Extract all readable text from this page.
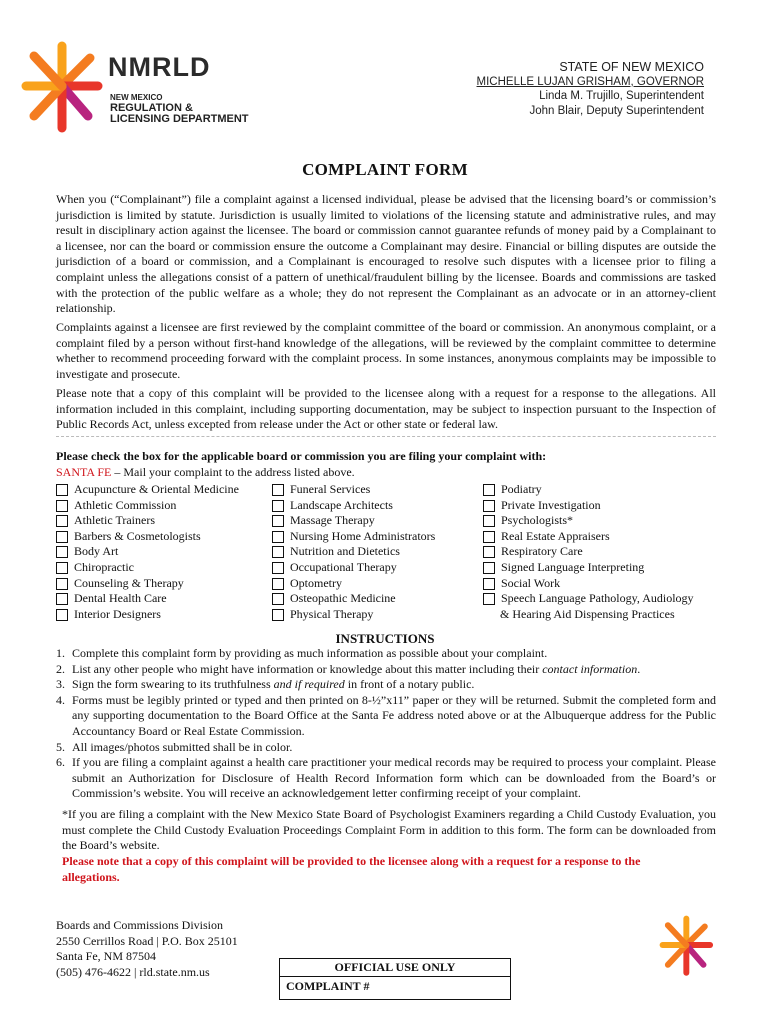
NMRLD
NEW MEXICO
REGULATION &
LICENSING DEPARTMENT
STATE OF NEW MEXICO
MICHELLE LUJAN GRISHAM, GOVERNOR
Linda M. Trujillo, Superintendent
John Blair, Deputy Superintendent
COMPLAINT FORM
When you (“Complainant”) file a complaint against a licensed individual, please be advised that the licensing board’s or commission’s jurisdiction is limited by statute. Jurisdiction is usually limited to violations of the licensing statute and administrative rules, and may result in disciplinary action against the licensee. The board or commission cannot guarantee refunds of money paid by a Complainant to a licensee, nor can the board or commission ensure the outcome a Complainant may desire. Financial or billing disputes are outside the jurisdiction of a board or commission, and a Complainant is encouraged to resolve such disputes with a licensee prior to filing a complaint unless the allegations consist of a pattern of unethical/fraudulent billing by the licensee. Boards and commissions are tasked with the protection of the public welfare as a whole; they do not represent the Complainant as an advocate or in an attorney-client relationship.
Complaints against a licensee are first reviewed by the complaint committee of the board or commission. An anonymous complaint, or a complaint filed by a person without first-hand knowledge of the allegations, will be reviewed by the complaint committee to determine whether to recommend proceeding forward with the complaint process. In some instances, anonymous complaints may be impossible to investigate and prosecute.
Please note that a copy of this complaint will be provided to the licensee along with a request for a response to the allegations. All information included in this complaint, including supporting documentation, may be subject to inspection pursuant to the Inspection of Public Records Act, unless excepted from release under the Act or other state or federal law.
Please check the box for the applicable board or commission you are filing your complaint with:
SANTA FE – Mail your complaint to the address listed above.
Acupuncture & Oriental Medicine
Athletic Commission
Athletic Trainers
Barbers & Cosmetologists
Body Art
Chiropractic
Counseling & Therapy
Dental Health Care
Interior Designers
Funeral Services
Landscape Architects
Massage Therapy
Nursing Home Administrators
Nutrition and Dietetics
Occupational Therapy
Optometry
Osteopathic Medicine
Physical Therapy
Podiatry
Private Investigation
Psychologists*
Real Estate Appraisers
Respiratory Care
Signed Language Interpreting
Social Work
Speech Language Pathology, Audiology
& Hearing Aid Dispensing Practices
INSTRUCTIONS
1. Complete this complaint form by providing as much information as possible about your complaint.
2. List any other people who might have information or knowledge about this matter including their contact information.
3. Sign the form swearing to its truthfulness and if required in front of a notary public.
4. Forms must be legibly printed or typed and then printed on 8-½”x11” paper or they will be returned. Submit the completed form and any supporting documentation to the Board Office at the Santa Fe address noted above or at the Albuquerque address for the Public Accountancy Board or Real Estate Commission.
5. All images/photos submitted shall be in color.
6. If you are filing a complaint against a health care practitioner your medical records may be required to process your complaint. Please submit an Authorization for Disclosure of Health Record Information form which can be downloaded from the Board’s or Commission’s website. You will receive an acknowledgement letter confirming receipt of your complaint.
*If you are filing a complaint with the New Mexico State Board of Psychologist Examiners regarding a Child Custody Evaluation, you must complete the Child Custody Evaluation Proceedings Complaint Form in addition to this form. The form can be downloaded from the Board’s website.
Please note that a copy of this complaint will be provided to the licensee along with a request for a response to the allegations.
Boards and Commissions Division
2550 Cerrillos Road | P.O. Box 25101
Santa Fe, NM 87504
(505) 476-4622 | rld.state.nm.us	OFFICIAL USE ONLY
COMPLAINT #
